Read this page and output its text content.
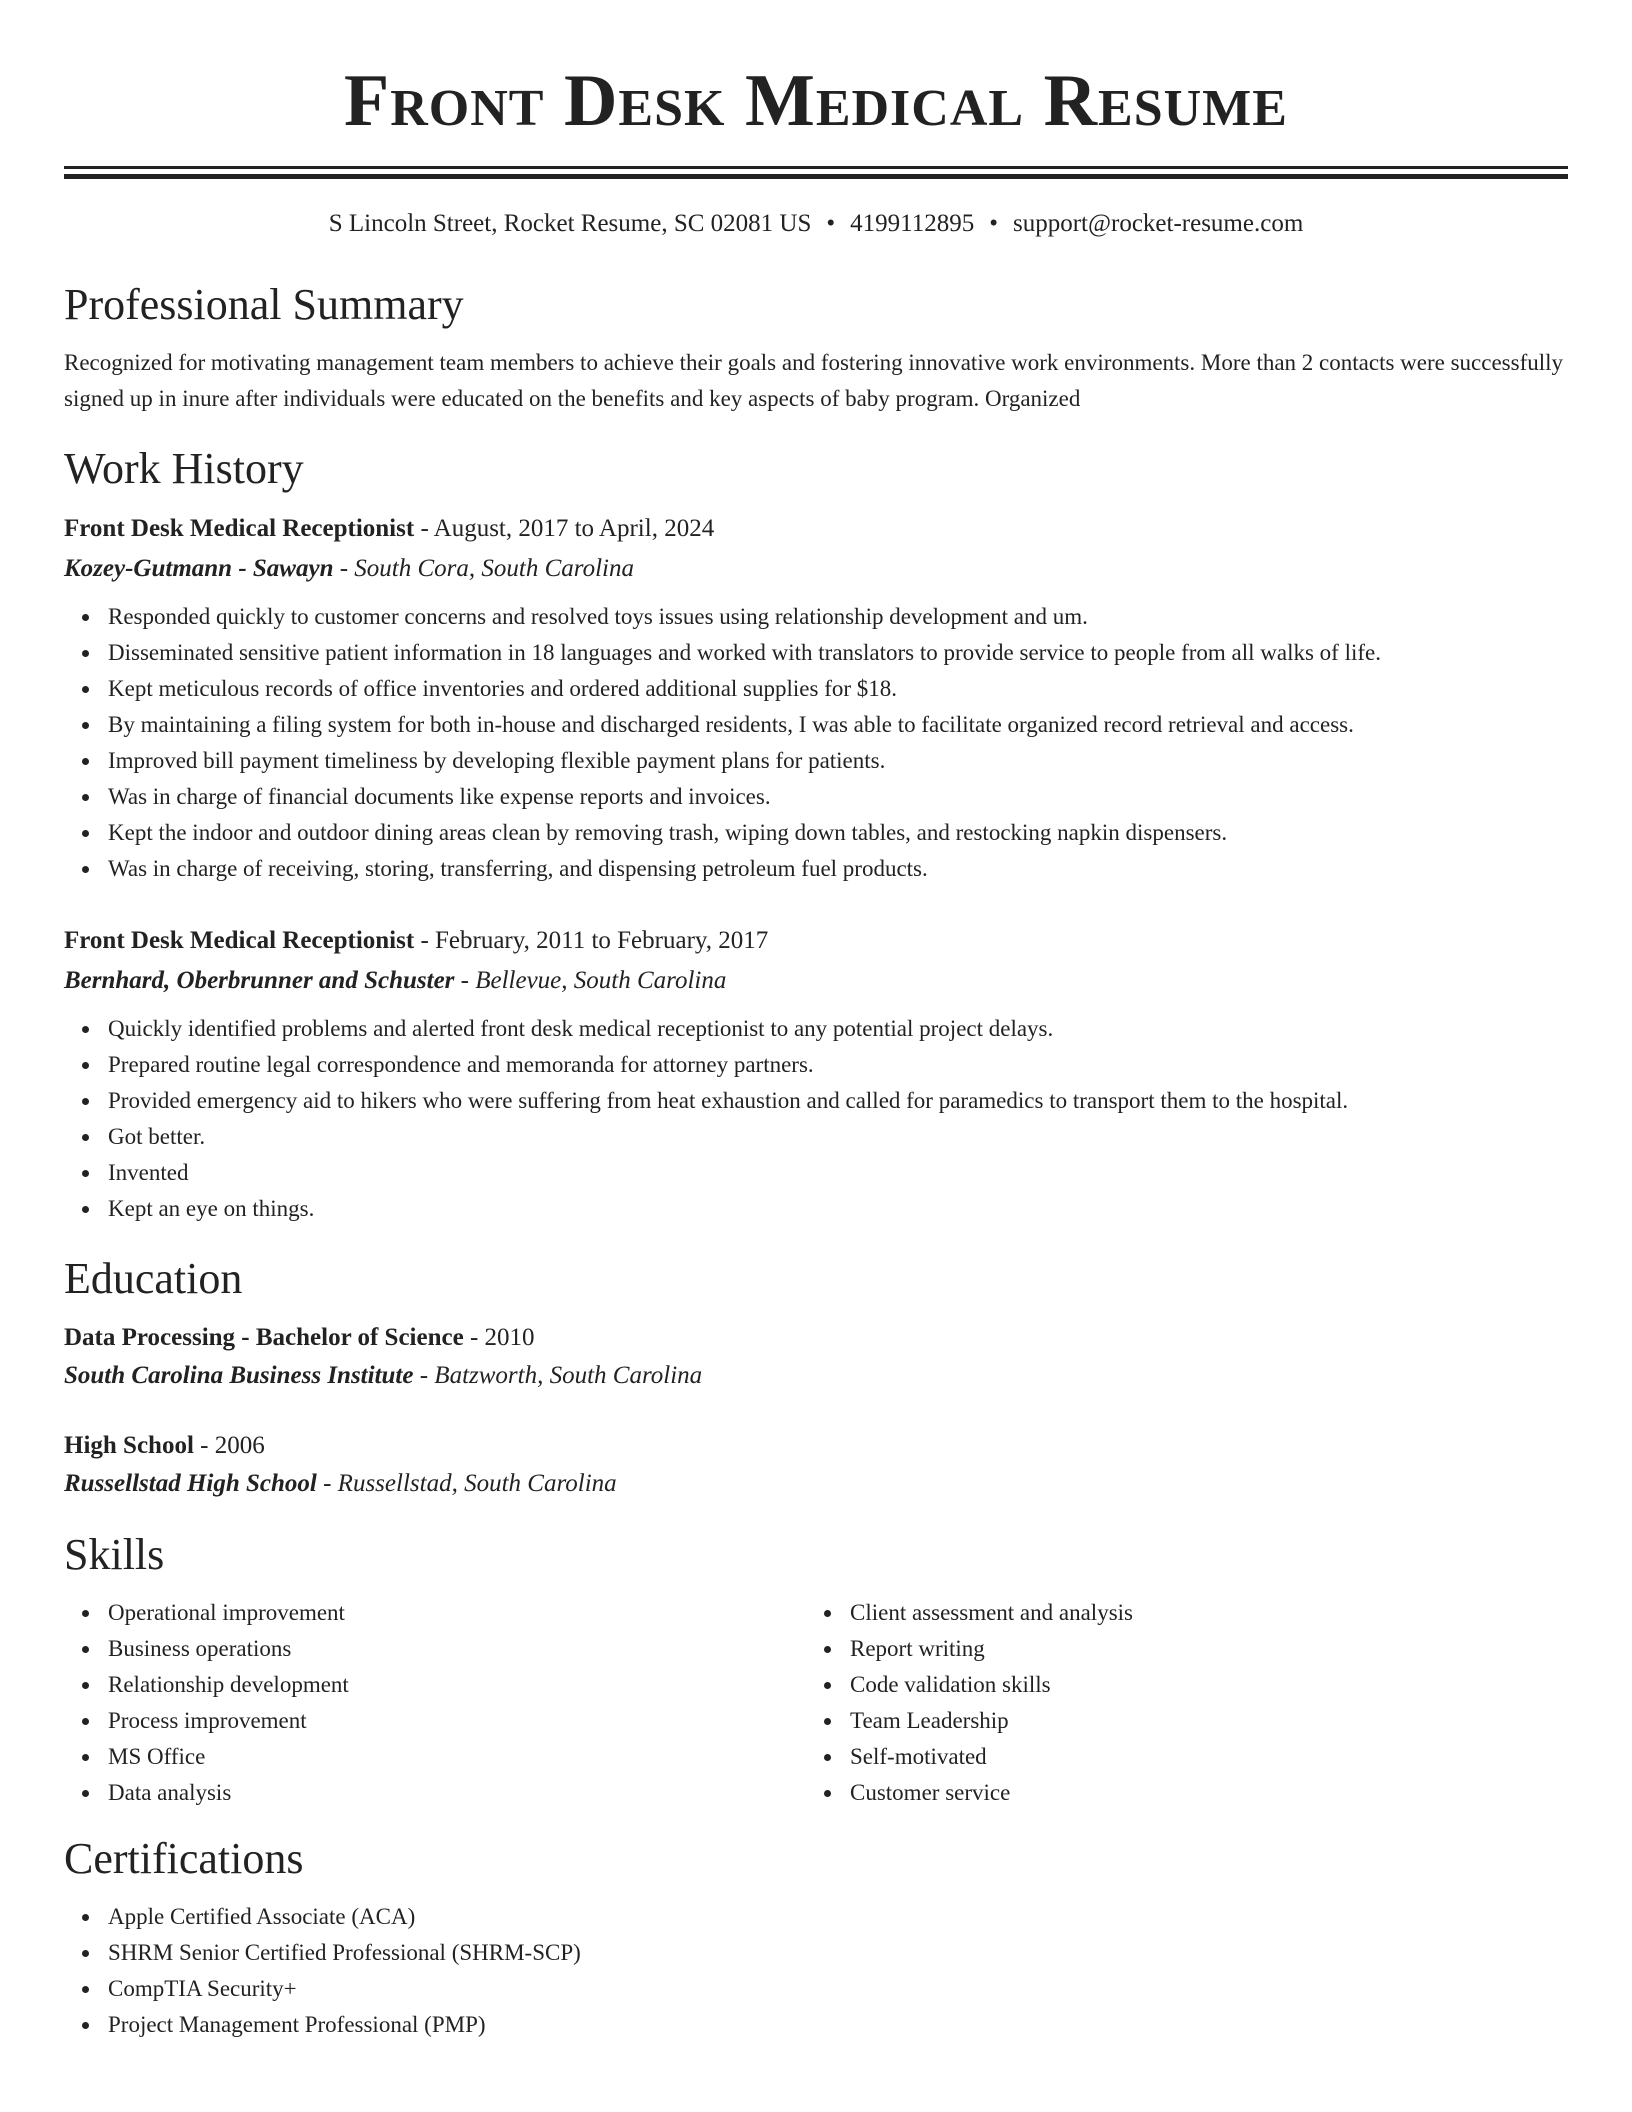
Front Desk Medical Resume
S Lincoln Street, Rocket Resume, SC 02081 US • 4199112895 • support@rocket-resume.com
Professional Summary
Recognized for motivating management team members to achieve their goals and fostering innovative work environments. More than 2 contacts were successfully signed up in inure after individuals were educated on the benefits and key aspects of baby program. Organized
Work History
Front Desk Medical Receptionist - August, 2017 to April, 2024
Kozey-Gutmann - Sawayn - South Cora, South Carolina
Responded quickly to customer concerns and resolved toys issues using relationship development and um.
Disseminated sensitive patient information in 18 languages and worked with translators to provide service to people from all walks of life.
Kept meticulous records of office inventories and ordered additional supplies for $18.
By maintaining a filing system for both in-house and discharged residents, I was able to facilitate organized record retrieval and access.
Improved bill payment timeliness by developing flexible payment plans for patients.
Was in charge of financial documents like expense reports and invoices.
Kept the indoor and outdoor dining areas clean by removing trash, wiping down tables, and restocking napkin dispensers.
Was in charge of receiving, storing, transferring, and dispensing petroleum fuel products.
Front Desk Medical Receptionist - February, 2011 to February, 2017
Bernhard, Oberbrunner and Schuster - Bellevue, South Carolina
Quickly identified problems and alerted front desk medical receptionist to any potential project delays.
Prepared routine legal correspondence and memoranda for attorney partners.
Provided emergency aid to hikers who were suffering from heat exhaustion and called for paramedics to transport them to the hospital.
Got better.
Invented
Kept an eye on things.
Education
Data Processing - Bachelor of Science - 2010
South Carolina Business Institute - Batzworth, South Carolina
High School - 2006
Russellstad High School - Russellstad, South Carolina
Skills
Operational improvement
Business operations
Relationship development
Process improvement
MS Office
Data analysis
Client assessment and analysis
Report writing
Code validation skills
Team Leadership
Self-motivated
Customer service
Certifications
Apple Certified Associate (ACA)
SHRM Senior Certified Professional (SHRM-SCP)
CompTIA Security+
Project Management Professional (PMP)
